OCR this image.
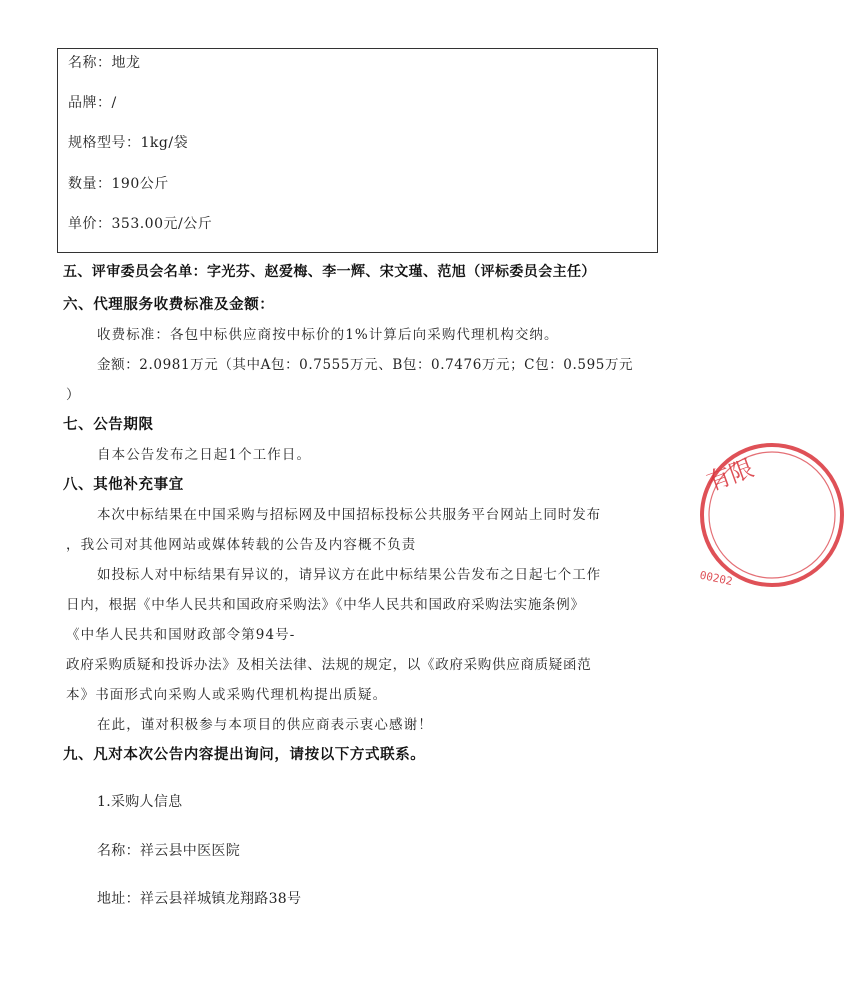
名称：地龙
品牌：/
规格型号：1kg/袋
数量：190公斤
单价：353.00元/公斤
五、评审委员会名单：字光芬、赵爱梅、李一辉、宋文瑾、范旭（评标委员会主任）
六、代理服务收费标准及金额：
收费标准：各包中标供应商按中标价的1%计算后向采购代理机构交纳。
金额：2.0981万元（其中A包：0.7555万元、B包：0.7476万元；C包：0.595万元
）
七、公告期限
自本公告发布之日起1个工作日。
八、其他补充事宜
本次中标结果在中国采购与招标网及中国招标投标公共服务平台网站上同时发布
，我公司对其他网站或媒体转载的公告及内容概不负责
如投标人对中标结果有异议的，请异议方在此中标结果公告发布之日起七个工作
日内，根据《中华人民共和国政府采购法》《中华人民共和国政府采购法实施条例》
《中华人民共和国财政部令第94号-
政府采购质疑和投诉办法》及相关法律、法规的规定，以《政府采购供应商质疑函范
本》书面形式向采购人或采购代理机构提出质疑。
在此，谨对积极参与本项目的供应商表示衷心感谢！
九、凡对本次公告内容提出询问，请按以下方式联系。
1.采购人信息
名称：祥云县中医医院
地址：祥云县祥城镇龙翔路38号
有限
00202
